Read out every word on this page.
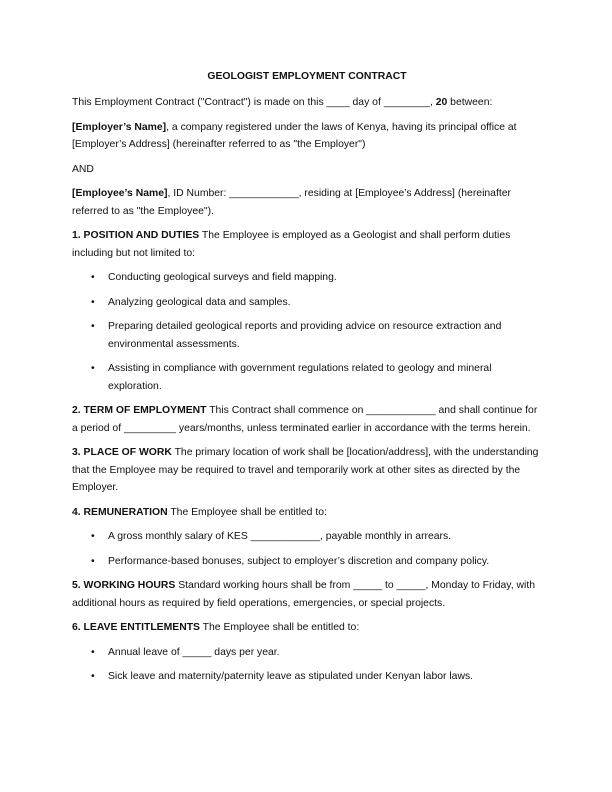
GEOLOGIST EMPLOYMENT CONTRACT

This Employment Contract ("Contract") is made on this ____ day of ________, 20 between:

[Employer’s Name], a company registered under the laws of Kenya, having its principal office at [Employer’s Address] (hereinafter referred to as "the Employer")

AND

[Employee’s Name], ID Number: ____________, residing at [Employee’s Address] (hereinafter referred to as "the Employee").

1. POSITION AND DUTIES The Employee is employed as a Geologist and shall perform duties including but not limited to:

• Conducting geological surveys and field mapping.
• Analyzing geological data and samples.
• Preparing detailed geological reports and providing advice on resource extraction and environmental assessments.
• Assisting in compliance with government regulations related to geology and mineral exploration.

2. TERM OF EMPLOYMENT This Contract shall commence on ____________ and shall continue for a period of _________ years/months, unless terminated earlier in accordance with the terms herein.

3. PLACE OF WORK The primary location of work shall be [location/address], with the understanding that the Employee may be required to travel and temporarily work at other sites as directed by the Employer.

4. REMUNERATION The Employee shall be entitled to:

• A gross monthly salary of KES ____________, payable monthly in arrears.
• Performance-based bonuses, subject to employer’s discretion and company policy.

5. WORKING HOURS Standard working hours shall be from _____ to _____, Monday to Friday, with additional hours as required by field operations, emergencies, or special projects.

6. LEAVE ENTITLEMENTS The Employee shall be entitled to:

• Annual leave of _____ days per year.
• Sick leave and maternity/paternity leave as stipulated under Kenyan labor laws.
